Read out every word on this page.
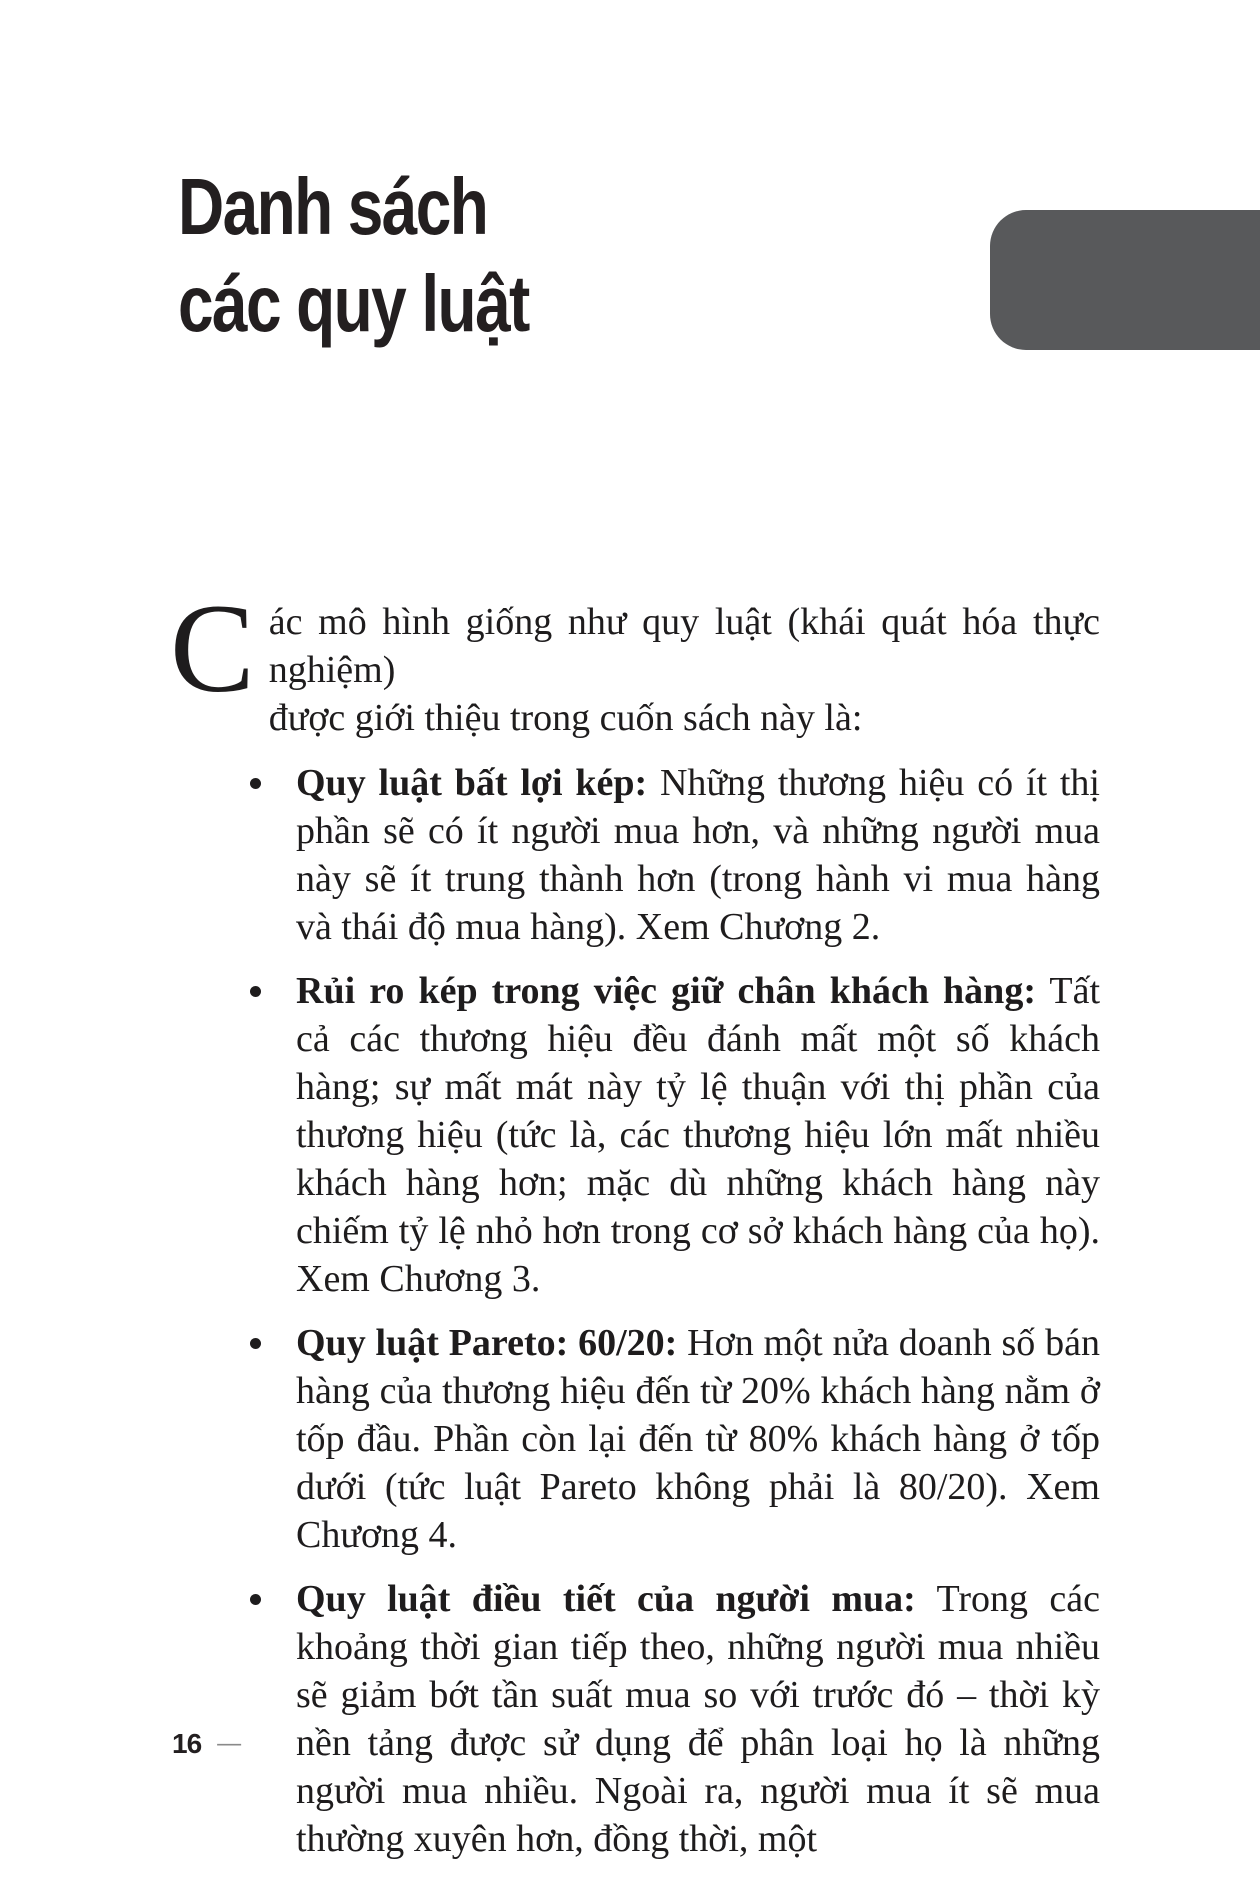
Danh sách
các quy luật
C ác mô hình giống như quy luật (khái quát hóa thực nghiệm)
được giới thiệu trong cuốn sách này là:
Quy luật bất lợi kép: Những thương hiệu có ít thị phần sẽ có ít người mua hơn, và những người mua này sẽ ít trung thành hơn (trong hành vi mua hàng và thái độ mua hàng). Xem Chương 2.
Rủi ro kép trong việc giữ chân khách hàng: Tất cả các thương hiệu đều đánh mất một số khách hàng; sự mất mát này tỷ lệ thuận với thị phần của thương hiệu (tức là, các thương hiệu lớn mất nhiều khách hàng hơn; mặc dù những khách hàng này chiếm tỷ lệ nhỏ hơn trong cơ sở khách hàng của họ). Xem Chương 3.
Quy luật Pareto: 60/20: Hơn một nửa doanh số bán hàng của thương hiệu đến từ 20% khách hàng nằm ở tốp đầu. Phần còn lại đến từ 80% khách hàng ở tốp dưới (tức luật Pareto không phải là 80/20). Xem Chương 4.
Quy luật điều tiết của người mua: Trong các khoảng thời gian tiếp theo, những người mua nhiều sẽ giảm bớt tần suất mua so với trước đó – thời kỳ nền tảng được sử dụng để phân loại họ là những người mua nhiều. Ngoài ra, người mua ít sẽ mua thường xuyên hơn, đồng thời, một
16 —
